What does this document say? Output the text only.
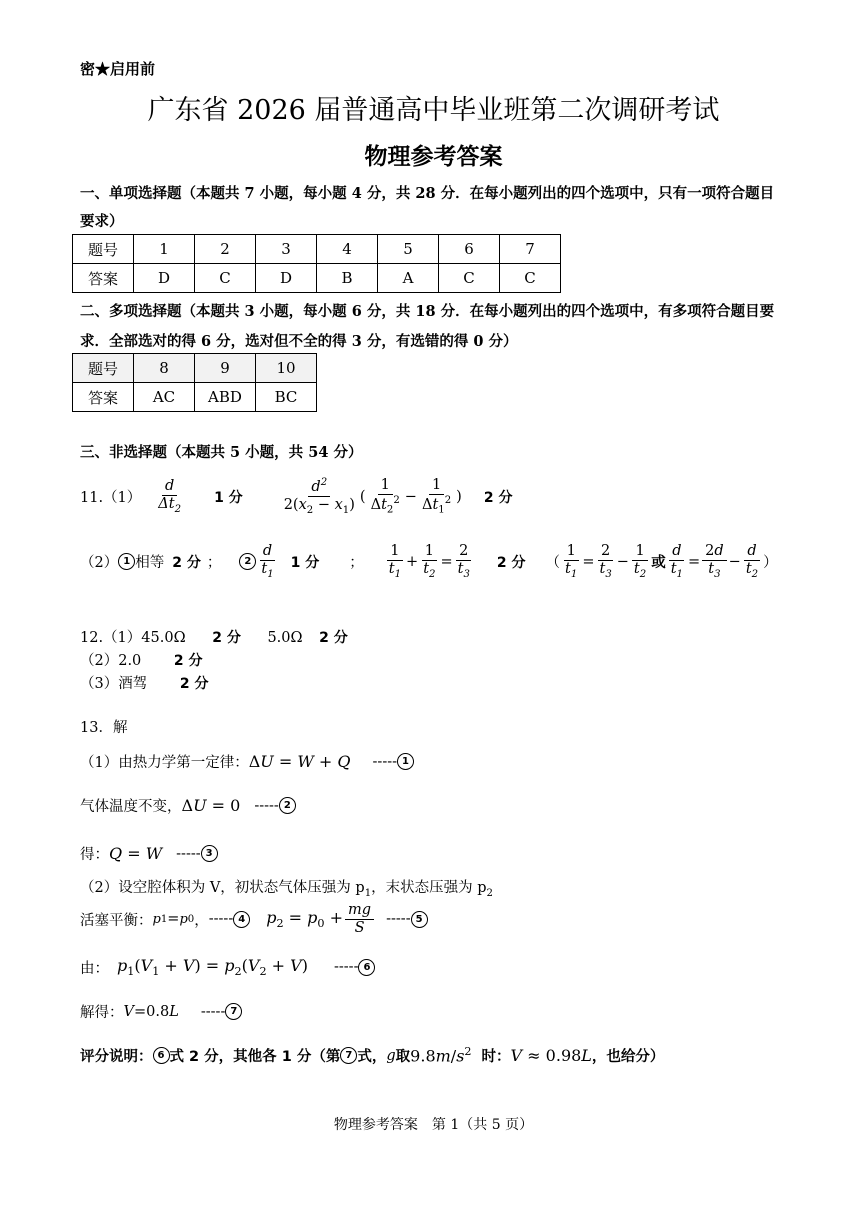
密★启用前
广东省 2026 届普通高中毕业班第二次调研考试
物理参考答案
一、单项选择题（本题共 7 小题，每小题 4 分，共 28 分．在每小题列出的四个选项中，只有一项符合题目
要求）
题号	1	2	3	4	5	6	7
答案	D	C	D	B	A	C	C
二、多项选择题（本题共 3 小题，每小题 6 分，共 18 分．在每小题列出的四个选项中，有多项符合题目要
求．全部选对的得 6 分，选对但不全的得 3 分，有选错的得 0 分）
题号	8	9	10
答案	AC	ABD	BC
三、非选择题（本题共 5 小题，共 54 分）
$11.(1) \frac{d}{\Delta t_2} 1$ 分	$\frac{d^2}{2(x_2 - x_1)}$ ( $\frac{1}{\Delta t_2^2} - \frac{1}{\Delta t_1^2}$ ) 2 分
（2） 1 相等 2 分 ；	$2 \frac{d}{t_1} 1$ 分 ； $\frac{1}{t_1} + \frac{1}{t_2} = \frac{2}{t_3} 2$ 分 （ $\frac{1}{t_1} = \frac{2}{t_3} - \frac{1}{t_2}$ 或 $\frac{d}{t_1} = \frac{2d}{t_3} - \frac{d}{t_2}$ ）
12.（1）45.0Ω 2 分 5.0Ω 2 分
（2）2.0 2 分
（3）酒驾 2 分
13．解
（1）由热力学第一定律： ΔU = W + Q ----- 1
气体温度不变， ΔU = 0 ----- 2
得： Q = W ----- 3
（2）设空腔体积为 V，初状态气体压强为 $p_1$，末状态压强为 $p_2$
活塞平衡： p 1 = p 0 ， ----- 4	$p_2 = p_0 + \frac{mg}{S}$ ----- 5
由： $p_1(V_1 + V) = p_2(V_2 + V)$ ----- 6
解得： V =0.8 L ----- 7
评分说明： 6 式 2 分，其他各 1 分（第 7 式， g 取 $9.8m/s^2$ 时： V ≈ 0.98L ，也给分）
物理参考答案　第 1（共 5 页）
